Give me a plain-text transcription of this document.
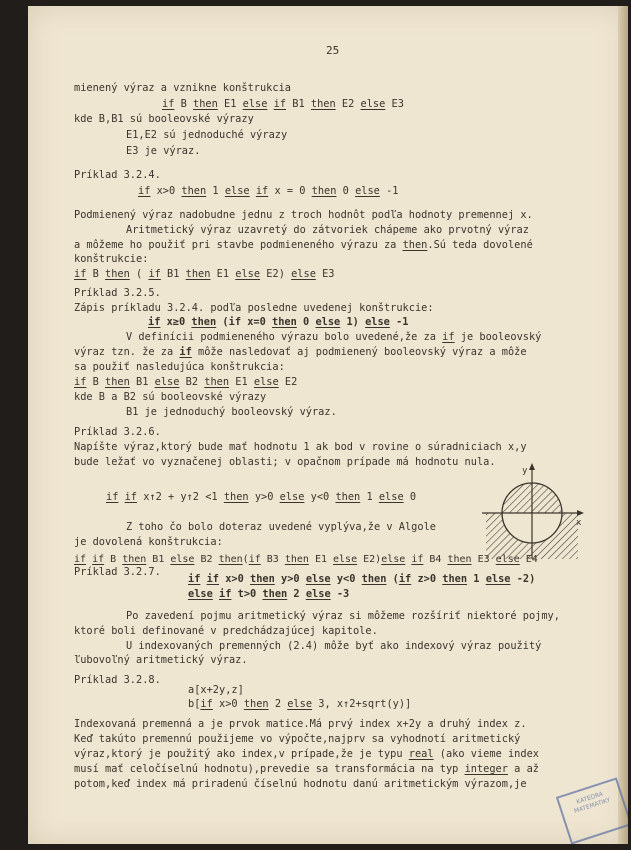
25
mienený výraz a vznikne konštrukcia
if B then E1 else if B1 then E2 else E3
kde B,B1 sú booleovské výrazy
E1,E2 sú jednoduché výrazy
E3 je výraz.
Príklad 3.2.4.
if x>0 then 1 else if x = 0 then 0 else -1
Podmienený výraz nadobudne jednu z troch hodnôt podľa hodnoty premennej x.
Aritmetický výraz uzavretý do zátvoriek chápeme ako prvotný výraz
a môžeme ho použiť pri stavbe podmieneného výrazu za then.Sú teda dovolené
konštrukcie:
if B then ( if B1 then E1 else E2) else E3
Príklad 3.2.5.
Zápis príkladu 3.2.4. podľa posledne uvedenej konštrukcie:
if x≥0 then (if x=0 then 0 else 1) else -1
V definícii podmieneného výrazu bolo uvedené,že za if je booleovský
výraz tzn. že za if môže nasledovať aj podmienený booleovský výraz a môže
sa použiť nasledujúca konštrukcia:
if B then B1 else B2 then E1 else E2
kde B a B2 sú booleovské výrazy
B1 je jednoduchý booleovský výraz.
Príklad 3.2.6.
Napíšte výraz,ktorý bude mať hodnotu 1 ak bod v rovine o súradniciach x,y
bude ležať vo vyznačenej oblasti; v opačnom prípade má hodnotu nula.
if if x↑2 + y↑2 <1 then y>0 else y<0 then 1 else 0
y
x
Z toho čo bolo doteraz uvedené vyplýva,že v Algole
je dovolená konštrukcia:
if if B then B1 else B2 then(if B3 then E1 else E2)else if B4 then E3 else E4
Príklad 3.2.7.
if if x>0 then y>0 else y<0 then (if z>0 then 1 else -2)
else if t>0 then 2 else -3
Po zavedení pojmu aritmetický výraz si môžeme rozšíriť niektoré pojmy,
ktoré boli definované v predchádzajúcej kapitole.
U indexovaných premenných (2.4) môže byť ako indexový výraz použitý
ľubovoľný aritmetický výraz.
Príklad 3.2.8.
a[x+2y,z]
b[if x>0 then 2 else 3, x↑2+sqrt(y)]
Indexovaná premenná a je prvok matice.Má prvý index x+2y a druhý index z.
Keď takúto premennú použijeme vo výpočte,najprv sa vyhodnotí aritmetický
výraz,ktorý je použitý ako index,v prípade,že je typu real (ako vieme index
musí mať celočíselnú hodnotu),prevedie sa transformácia na typ integer a až
potom,keď index má priradenú číselnú hodnotu danú aritmetickým výrazom,je
KATEDRA MATEMATIKY
